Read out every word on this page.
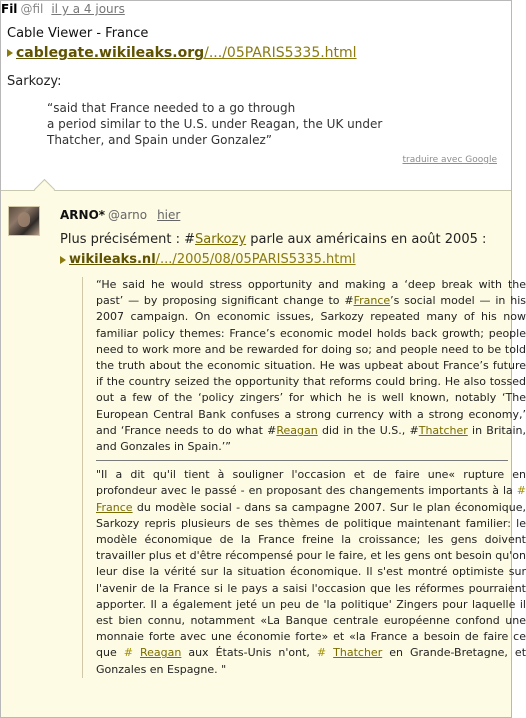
Fil @fil il y a 4 jours
Cable Viewer - France
cablegate.wikileaks.org /.../05PARIS5335.html
Sarkozy:
“said that France needed to a go through
a period similar to the U.S. under Reagan, the UK under
Thatcher, and Spain under Gonzalez”
traduire avec Google
ARNO* @arno hier
Plus précisément : #Sarkozy parle aux américains en août 2005 :
wikileaks.nl /.../2005/08/05PARIS5335.html
“He said he would stress opportunity and making a ‘deep break with the past’ — by proposing significant change to #France’s social model — in his 2007 campaign. On economic issues, Sarkozy repeated many of his now familiar policy themes: France’s economic model holds back growth; people need to work more and be rewarded for doing so; and people need to be told the truth about the economic situation. He was upbeat about France’s future if the country seized the opportunity that reforms could bring. He also tossed out a few of the ‘policy zingers’ for which he is well known, notably ‘The European Central Bank confuses a strong currency with a strong economy,’ and ‘France needs to do what #Reagan did in the U.S., #Thatcher in Britain, and Gonzales in Spain.’”
"Il a dit qu'il tient à souligner l'occasion et de faire une« rupture en profondeur avec le passé - en proposant des changements importants à la # France du modèle social - dans sa campagne 2007. Sur le plan économique, Sarkozy repris plusieurs de ses thèmes de politique maintenant familier: le modèle économique de la France freine la croissance; les gens doivent travailler plus et d'être récompensé pour le faire, et les gens ont besoin qu'on leur dise la vérité sur la situation économique. Il s'est montré optimiste sur l'avenir de la France si le pays a saisi l'occasion que les réformes pourraient apporter. Il a également jeté un peu de 'la politique' Zingers pour laquelle il est bien connu, notamment «La Banque centrale européenne confond une monnaie forte avec une économie forte» et «la France a besoin de faire ce que # Reagan aux États-Unis n'ont, # Thatcher en Grande-Bretagne, et Gonzales en Espagne. "
